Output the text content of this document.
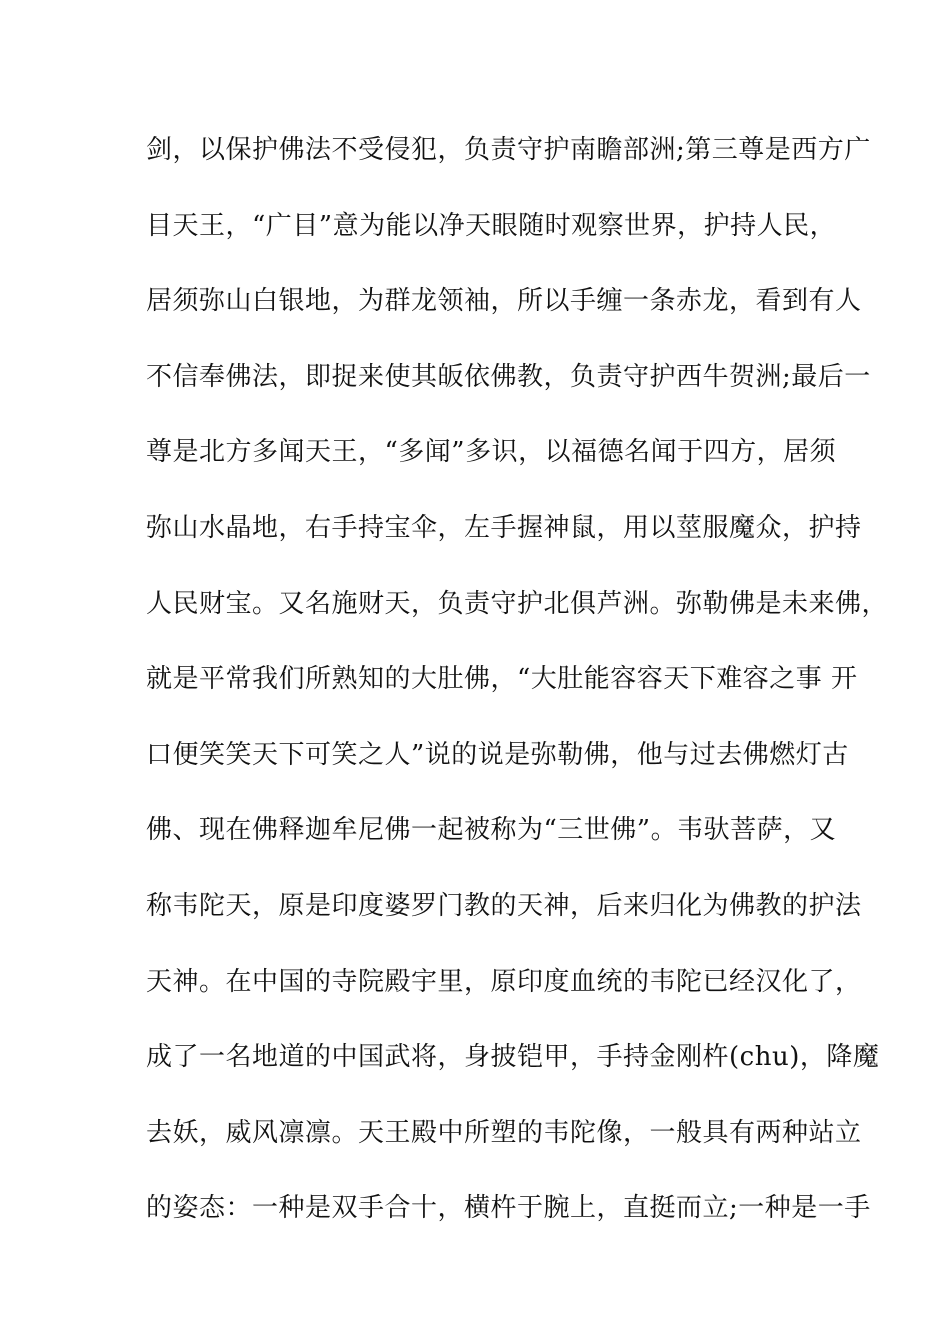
剑，以保护佛法不受侵犯，负责守护南瞻部洲;第三尊是西方广
目天王，“广目”意为能以净天眼随时观察世界，护持人民，
居须弥山白银地，为群龙领袖，所以手缠一条赤龙，看到有人
不信奉佛法，即捉来使其皈依佛教，负责守护西牛贺洲;最后一
尊是北方多闻天王，“多闻”多识，以福德名闻于四方，居须
弥山水晶地，右手持宝伞，左手握神鼠，用以莖服魔众，护持
人民财宝。又名施财天，负责守护北俱芦洲。弥勒佛是未来佛，
就是平常我们所熟知的大肚佛，“大肚能容容天下难容之事 开
口便笑笑天下可笑之人”说的说是弥勒佛，他与过去佛燃灯古
佛、现在佛释迦牟尼佛一起被称为“三世佛”。韦驮菩萨，又
称韦陀天，原是印度婆罗门教的天神，后来归化为佛教的护法
天神。在中国的寺院殿宇里，原印度血统的韦陀已经汉化了，
成了一名地道的中国武将，身披铠甲，手持金刚杵(chu)，降魔
去妖，威风凛凛。天王殿中所塑的韦陀像，一般具有两种站立
的姿态：一种是双手合十，横杵于腕上，直挺而立;一种是一手
